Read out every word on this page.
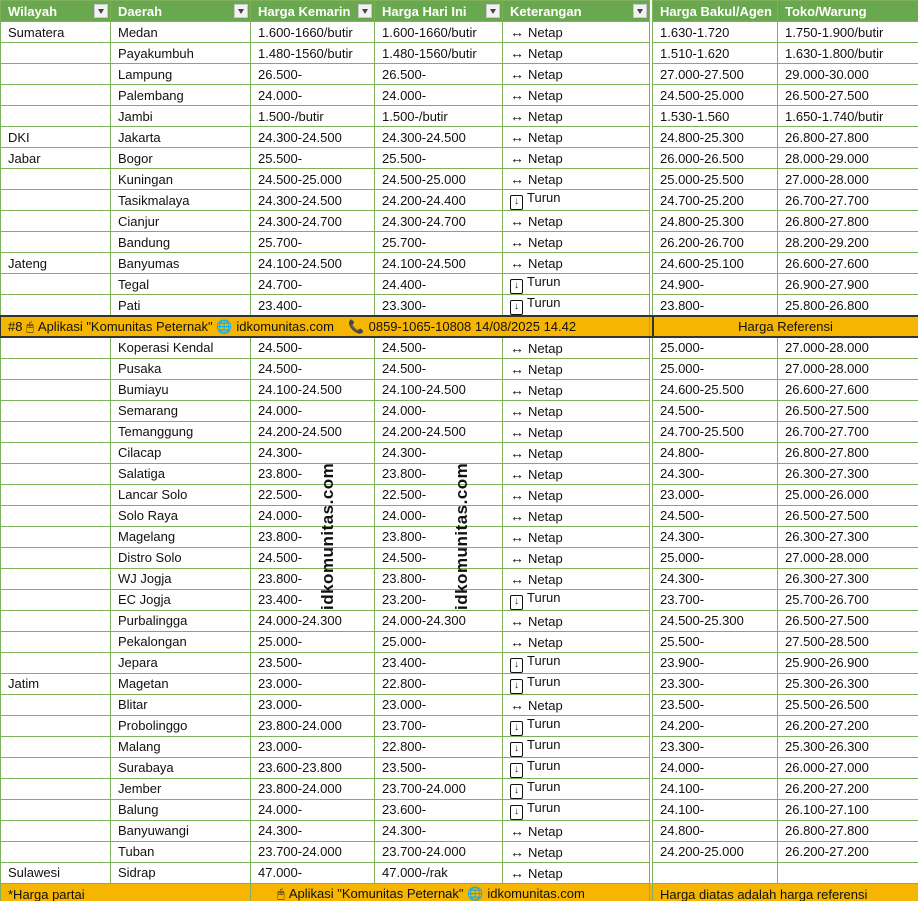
Wilayah	Daerah	Harga Kemarin	Harga Hari Ini	Keterangan		Harga Bakul/Agen	Toko/Warung
Sumatera	Medan	1.600-1660/butir	1.600-1660/butir	↔ Netap		1.630-1.720	1.750-1.900/butir
	Payakumbuh	1.480-1560/butir	1.480-1560/butir	↔ Netap		1.510-1.620	1.630-1.800/butir
	Lampung	26.500-	26.500-	↔ Netap		27.000-27.500	29.000-30.000
	Palembang	24.000-	24.000-	↔ Netap		24.500-25.000	26.500-27.500
	Jambi	1.500-/butir	1.500-/butir	↔ Netap		1.530-1.560	1.650-1.740/butir
DKI	Jakarta	24.300-24.500	24.300-24.500	↔ Netap		24.800-25.300	26.800-27.800
Jabar	Bogor	25.500-	25.500-	↔ Netap		26.000-26.500	28.000-29.000
	Kuningan	24.500-25.000	24.500-25.000	↔ Netap		25.000-25.500	27.000-28.000
	Tasikmalaya	24.300-24.500	24.200-24.400	↓ Turun		24.700-25.200	26.700-27.700
	Cianjur	24.300-24.700	24.300-24.700	↔ Netap		24.800-25.300	26.800-27.800
	Bandung	25.700-	25.700-	↔ Netap		26.200-26.700	28.200-29.200
Jateng	Banyumas	24.100-24.500	24.100-24.500	↔ Netap		24.600-25.100	26.600-27.600
	Tegal	24.700-	24.400-	↓ Turun		24.900-	26.900-27.900
	Pati	23.400-	23.300-	↓ Turun		23.800-	25.800-26.800
#8 🖰 Aplikasi "Komunitas Peternak" 🌐 idkomunitas.com 📞 0859-1065-10808 14/08/2025 14.42						Harga Referensi	
	Koperasi Kendal	24.500-	24.500-	↔ Netap		25.000-	27.000-28.000
	Pusaka	24.500-	24.500-	↔ Netap		25.000-	27.000-28.000
	Bumiayu	24.100-24.500	24.100-24.500	↔ Netap		24.600-25.500	26.600-27.600
	Semarang	24.000-	24.000-	↔ Netap		24.500-	26.500-27.500
	Temanggung	24.200-24.500	24.200-24.500	↔ Netap		24.700-25.500	26.700-27.700
	Cilacap	24.300-	24.300-	↔ Netap		24.800-	26.800-27.800
	Salatiga	23.800-	23.800-	↔ Netap		24.300-	26.300-27.300
	Lancar Solo	22.500-	22.500-	↔ Netap		23.000-	25.000-26.000
	Solo Raya	24.000-	24.000-	↔ Netap		24.500-	26.500-27.500
	Magelang	23.800-	23.800-	↔ Netap		24.300-	26.300-27.300
	Distro Solo	24.500-	24.500-	↔ Netap		25.000-	27.000-28.000
	WJ Jogja	23.800-	23.800-	↔ Netap		24.300-	26.300-27.300
	EC Jogja	23.400-	23.200-	↓ Turun		23.700-	25.700-26.700
	Purbalingga	24.000-24.300	24.000-24.300	↔ Netap		24.500-25.300	26.500-27.500
	Pekalongan	25.000-	25.000-	↔ Netap		25.500-	27.500-28.500
	Jepara	23.500-	23.400-	↓ Turun		23.900-	25.900-26.900
Jatim	Magetan	23.000-	22.800-	↓ Turun		23.300-	25.300-26.300
	Blitar	23.000-	23.000-	↔ Netap		23.500-	25.500-26.500
	Probolinggo	23.800-24.000	23.700-	↓ Turun		24.200-	26.200-27.200
	Malang	23.000-	22.800-	↓ Turun		23.300-	25.300-26.300
	Surabaya	23.600-23.800	23.500-	↓ Turun		24.000-	26.000-27.000
	Jember	23.800-24.000	23.700-24.000	↓ Turun		24.100-	26.200-27.200
	Balung	24.000-	23.600-	↓ Turun		24.100-	26.100-27.100
	Banyuwangi	24.300-	24.300-	↔ Netap		24.800-	26.800-27.800
	Tuban	23.700-24.000	23.700-24.000	↔ Netap		24.200-25.000	26.200-27.200
Sulawesi	Sidrap	47.000-	47.000-/rak	↔ Netap			
*Harga partai		🖰 Aplikasi "Komunitas Peternak" 🌐 idkomunitas.com				Harga diatas adalah harga referensi	
idkomunitas.com	idkomunitas.com
